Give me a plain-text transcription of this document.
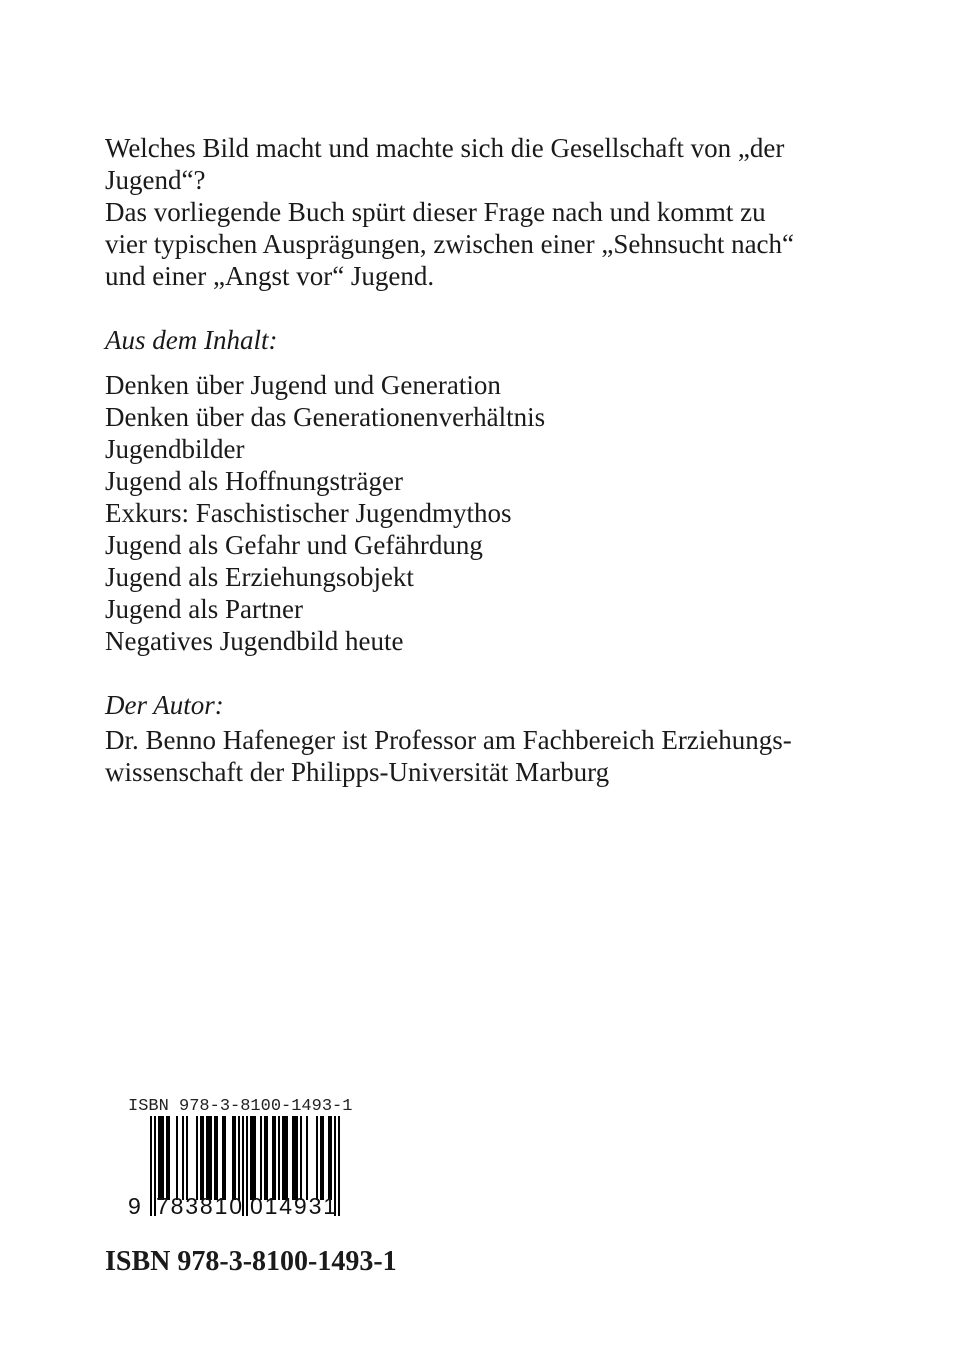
Welches Bild macht und machte sich die Gesellschaft von „der
Jugend“?
Das vorliegende Buch spürt dieser Frage nach und kommt zu
vier typischen Ausprägungen, zwischen einer „Sehnsucht nach“
und einer „Angst vor“ Jugend.
Aus dem Inhalt:
Denken über Jugend und Generation
Denken über das Generationenverhältnis
Jugendbilder
Jugend als Hoffnungsträger
Exkurs: Faschistischer Jugendmythos
Jugend als Gefahr und Gefährdung
Jugend als Erziehungsobjekt
Jugend als Partner
Negatives Jugendbild heute
Der Autor:
Dr. Benno Hafeneger ist Professor am Fachbereich Erziehungs-
wissenschaft der Philipps-Universität Marburg
ISBN 978-3-8100-1493-1
9 783810 014931
ISBN 978-3-8100-1493-1
